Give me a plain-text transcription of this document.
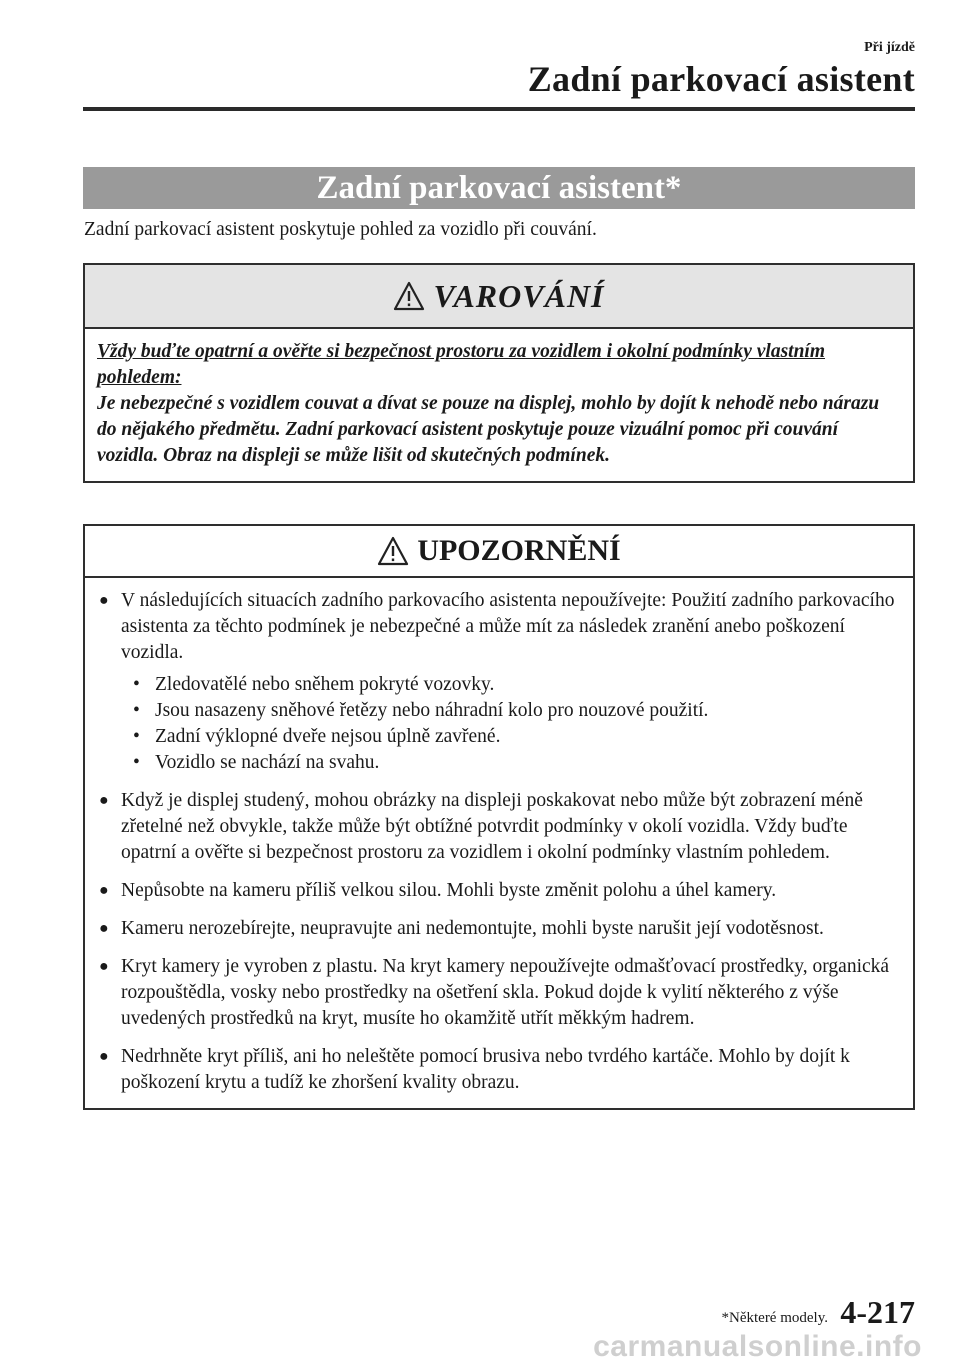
Při jízdě
Zadní parkovací asistent
Zadní parkovací asistent*
Zadní parkovací asistent poskytuje pohled za vozidlo při couvání.
VAROVÁNÍ
Vždy buďte opatrní a ověřte si bezpečnost prostoru za vozidlem i okolní podmínky vlastním pohledem:
Je nebezpečné s vozidlem couvat a dívat se pouze na displej, mohlo by dojít k nehodě nebo nárazu do nějakého předmětu. Zadní parkovací asistent poskytuje pouze vizuální pomoc při couvání vozidla. Obraz na displeji se může lišit od skutečných podmínek.
UPOZORNĚNÍ
● V následujících situacích zadního parkovacího asistenta nepoužívejte: Použití zadního parkovacího asistenta za těchto podmínek je nebezpečné a může mít za následek zranění anebo poškození vozidla.
• Zledovatělé nebo sněhem pokryté vozovky.
• Jsou nasazeny sněhové řetězy nebo náhradní kolo pro nouzové použití.
• Zadní výklopné dveře nejsou úplně zavřené.
• Vozidlo se nachází na svahu.
● Když je displej studený, mohou obrázky na displeji poskakovat nebo může být zobrazení méně zřetelné než obvykle, takže může být obtížné potvrdit podmínky v okolí vozidla. Vždy buďte opatrní a ověřte si bezpečnost prostoru za vozidlem i okolní podmínky vlastním pohledem.
● Nepůsobte na kameru příliš velkou silou. Mohli byste změnit polohu a úhel kamery.
● Kameru nerozebírejte, neupravujte ani nedemontujte, mohli byste narušit její vodotěsnost.
● Kryt kamery je vyroben z plastu. Na kryt kamery nepoužívejte odmašťovací prostředky, organická rozpouštědla, vosky nebo prostředky na ošetření skla. Pokud dojde k vylití některého z výše uvedených prostředků na kryt, musíte ho okamžitě utřít měkkým hadrem.
● Nedrhněte kryt příliš, ani ho neleštěte pomocí brusiva nebo tvrdého kartáče. Mohlo by dojít k poškození krytu a tudíž ke zhoršení kvality obrazu.
*Některé modely. 4-217
carmanualsonline.info
